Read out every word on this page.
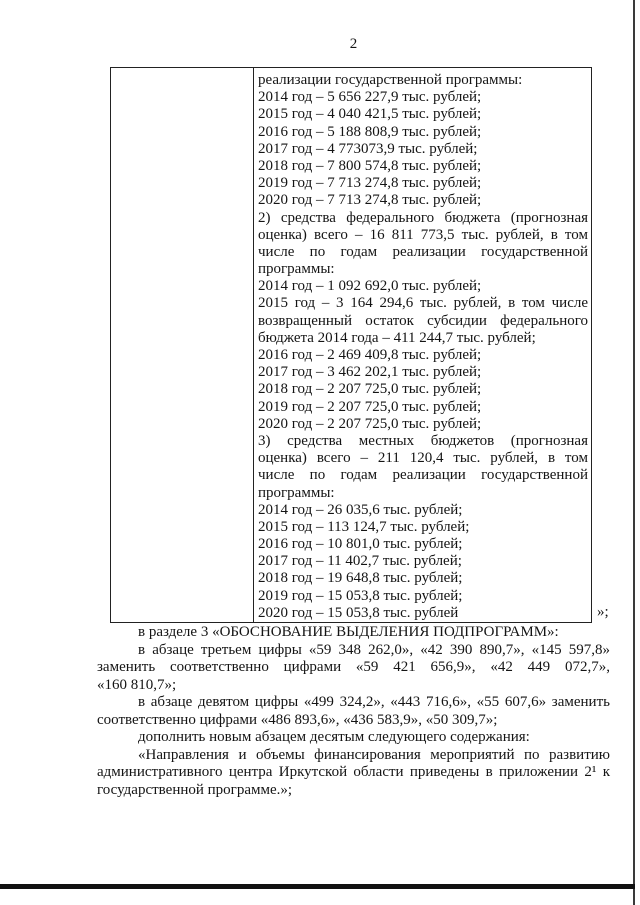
2
реализации государственной программы:
2014 год – 5 656 227,9 тыс. рублей;
2015 год – 4 040 421,5 тыс. рублей;
2016 год – 5 188 808,9 тыс. рублей;
2017 год – 4 773073,9 тыс. рублей;
2018 год – 7 800 574,8 тыс. рублей;
2019 год – 7 713 274,8 тыс. рублей;
2020 год – 7 713 274,8 тыс. рублей;
2) средства федерального бюджета (прогнозная
оценка) всего – 16 811 773,5 тыс. рублей, в том
числе по годам реализации государственной
программы:
2014 год – 1 092 692,0 тыс. рублей;
2015 год – 3 164 294,6 тыс. рублей, в том числе
возвращенный остаток субсидии федерального
бюджета 2014 года – 411 244,7 тыс. рублей;
2016 год – 2 469 409,8 тыс. рублей;
2017 год – 3 462 202,1 тыс. рублей;
2018 год – 2 207 725,0 тыс. рублей;
2019 год – 2 207 725,0 тыс. рублей;
2020 год – 2 207 725,0 тыс. рублей;
3) средства местных бюджетов (прогнозная
оценка) всего – 211 120,4 тыс. рублей, в том
числе по годам реализации государственной
программы:
2014 год – 26 035,6 тыс. рублей;
2015 год – 113 124,7 тыс. рублей;
2016 год – 10 801,0 тыс. рублей;
2017 год – 11 402,7 тыс. рублей;
2018 год – 19 648,8 тыс. рублей;
2019 год – 15 053,8 тыс. рублей;
2020 год – 15 053,8 тыс. рублей	»;
в разделе 3 «ОБОСНОВАНИЕ ВЫДЕЛЕНИЯ ПОДПРОГРАММ»:
в абзаце третьем цифры «59 348 262,0», «42 390 890,7», «145 597,8»
заменить соответственно цифрами «59 421 656,9», «42 449 072,7»,
«160 810,7»;
в абзаце девятом цифры «499 324,2», «443 716,6», «55 607,6» заменить
соответственно цифрами «486 893,6», «436 583,9», «50 309,7»;
дополнить новым абзацем десятым следующего содержания:
«Направления и объемы финансирования мероприятий по развитию
административного центра Иркутской области приведены в приложении 2¹ к
государственной программе.»;
